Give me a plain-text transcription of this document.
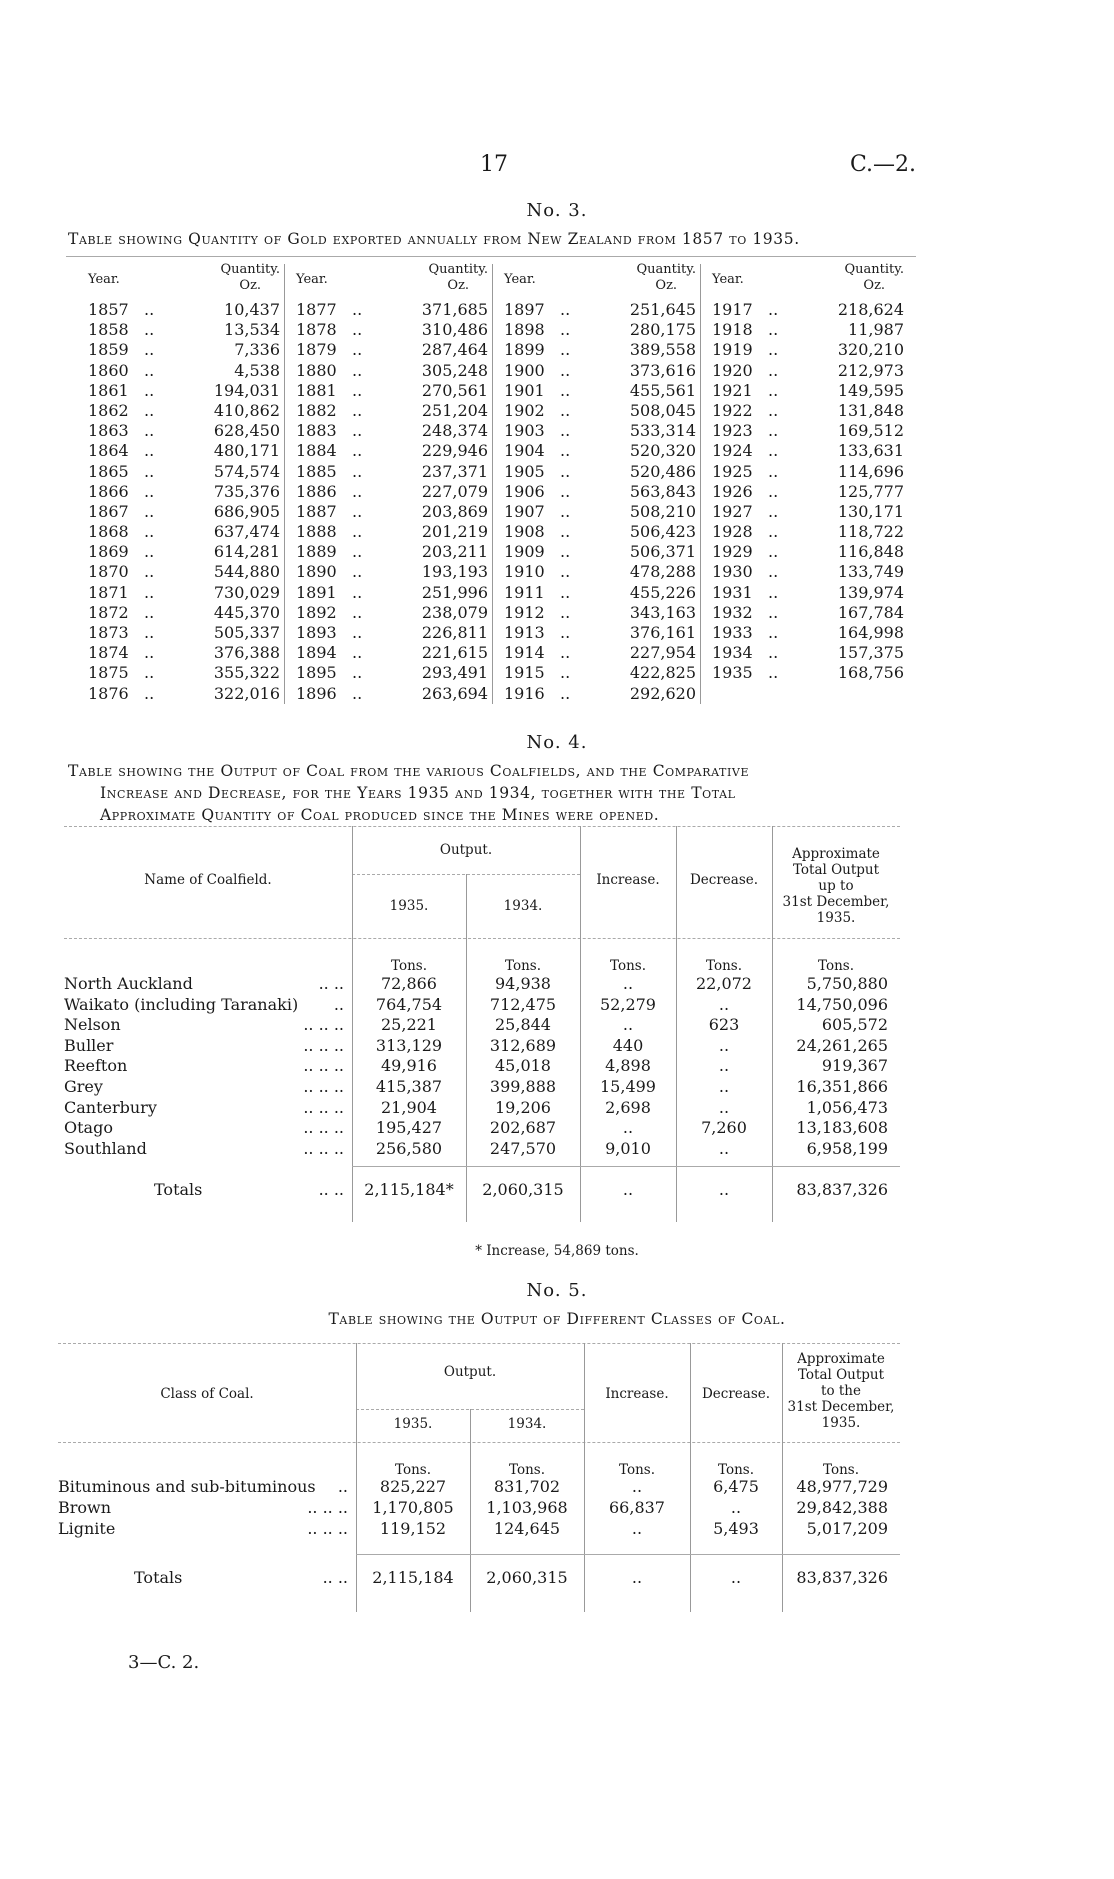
17	C.—2.
No. 3.
Table showing Quantity of Gold exported annually from New Zealand from 1857 to 1935.
Year.
Quantity.
Oz.
1857 ..	10,437
1858 ..	13,534
1859 ..	7,336
1860 ..	4,538
1861 ..	194,031
1862 ..	410,862
1863 ..	628,450
1864 ..	480,171
1865 ..	574,574
1866 ..	735,376
1867 ..	686,905
1868 ..	637,474
1869 ..	614,281
1870 ..	544,880
1871 ..	730,029
1872 ..	445,370
1873 ..	505,337
1874 ..	376,388
1875 ..	355,322
1876 ..	322,016
Year.
Quantity.
Oz.
1877 ..	371,685
1878 ..	310,486
1879 ..	287,464
1880 ..	305,248
1881 ..	270,561
1882 ..	251,204
1883 ..	248,374
1884 ..	229,946
1885 ..	237,371
1886 ..	227,079
1887 ..	203,869
1888 ..	201,219
1889 ..	203,211
1890 ..	193,193
1891 ..	251,996
1892 ..	238,079
1893 ..	226,811
1894 ..	221,615
1895 ..	293,491
1896 ..	263,694
Year.
Quantity.
Oz.
1897 ..	251,645
1898 ..	280,175
1899 ..	389,558
1900 ..	373,616
1901 ..	455,561
1902 ..	508,045
1903 ..	533,314
1904 ..	520,320
1905 ..	520,486
1906 ..	563,843
1907 ..	508,210
1908 ..	506,423
1909 ..	506,371
1910 ..	478,288
1911 ..	455,226
1912 ..	343,163
1913 ..	376,161
1914 ..	227,954
1915 ..	422,825
1916 ..	292,620
Year.
Quantity.
Oz.
1917 ..	218,624
1918 ..	11,987
1919 ..	320,210
1920 ..	212,973
1921 ..	149,595
1922 ..	131,848
1923 ..	169,512
1924 ..	133,631
1925 ..	114,696
1926 ..	125,777
1927 ..	130,171
1928 ..	118,722
1929 ..	116,848
1930 ..	133,749
1931 ..	139,974
1932 ..	167,784
1933 ..	164,998
1934 ..	157,375
1935 ..	168,756
No. 4.
Table showing the Output of Coal from the various Coalfields, and the Comparative
Increase and Decrease, for the Years 1935 and 1934, together with the Total
Approximate Quantity of Coal produced since the Mines were opened.
Name of Coalfield.
Output.
1935.	1934.
Increase.	Decrease.
Approximate
Total Output
up to
31st December,
1935.
Tons.	Tons.	Tons.	Tons.	Tons.
North Auckland	.. ..	72,866	94,938	..	22,072	5,750,880
Waikato (including Taranaki)	..	764,754	712,475	52,279	..	14,750,096
Nelson	.. .. ..	25,221	25,844	..	623	605,572
Buller	.. .. ..	313,129	312,689	440	..	24,261,265
Reefton	.. .. ..	49,916	45,018	4,898	..	919,367
Grey	.. .. ..	415,387	399,888	15,499	..	16,351,866
Canterbury	.. .. ..	21,904	19,206	2,698	..	1,056,473
Otago	.. .. ..	195,427	202,687	..	7,260	13,183,608
Southland	.. .. ..	256,580	247,570	9,010	..	6,958,199
Totals	.. ..	2,115,184*	2,060,315	..	..	83,837,326
* Increase, 54,869 tons.
No. 5.
Table showing the Output of Different Classes of Coal.
Class of Coal.
Output.
1935.	1934.
Increase.	Decrease.
Approximate
Total Output
to the
31st December,
1935.
Tons.	Tons.	Tons.	Tons.	Tons.
Bituminous and sub-bituminous	..	825,227	831,702	..	6,475	48,977,729
Brown	.. .. ..	1,170,805	1,103,968	66,837	..	29,842,388
Lignite	.. .. ..	119,152	124,645	..	5,493	5,017,209
Totals	.. ..	2,115,184	2,060,315	..	..	83,837,326
3—C. 2.
